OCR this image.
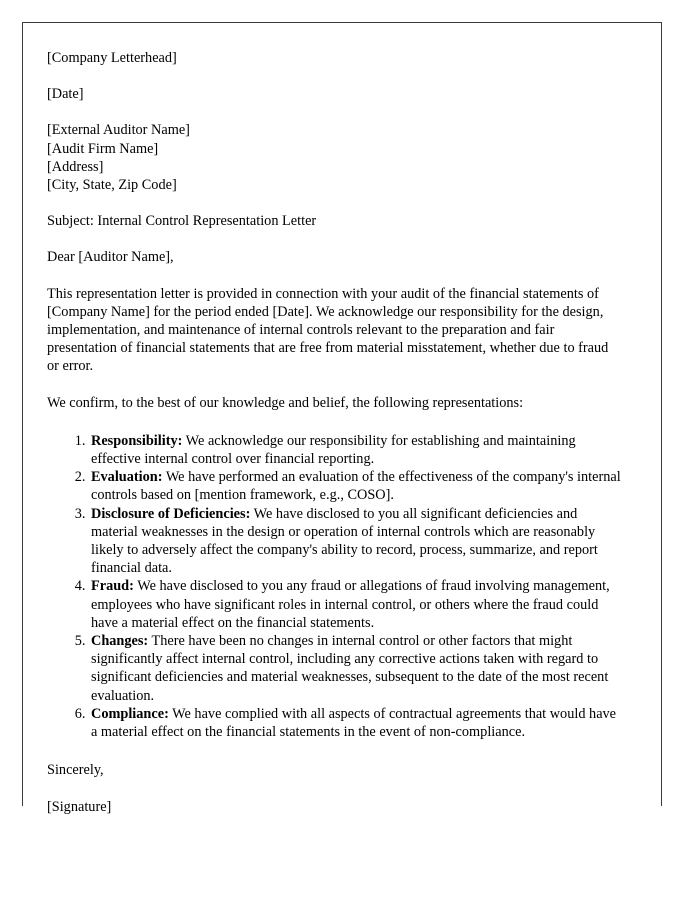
[Company Letterhead]

[Date]

[External Auditor Name]

[Audit Firm Name]

[Address]

[City, State, Zip Code]

Subject: Internal Control Representation Letter

Dear [Auditor Name],

This representation letter is provided in connection with your audit of the financial statements of [Company Name] for the period ended [Date]. We acknowledge our responsibility for the design, implementation, and maintenance of internal controls relevant to the preparation and fair presentation of financial statements that are free from material misstatement, whether due to fraud or error.

We confirm, to the best of our knowledge and belief, the following representations:

1. Responsibility: We acknowledge our responsibility for establishing and maintaining effective internal control over financial reporting.
2. Evaluation: We have performed an evaluation of the effectiveness of the company's internal controls based on [mention framework, e.g., COSO].
3. Disclosure of Deficiencies: We have disclosed to you all significant deficiencies and material weaknesses in the design or operation of internal controls which are reasonably likely to adversely affect the company's ability to record, process, summarize, and report financial data.
4. Fraud: We have disclosed to you any fraud or allegations of fraud involving management, employees who have significant roles in internal control, or others where the fraud could have a material effect on the financial statements.
5. Changes: There have been no changes in internal control or other factors that might significantly affect internal control, including any corrective actions taken with regard to significant deficiencies and material weaknesses, subsequent to the date of the most recent evaluation.
6. Compliance: We have complied with all aspects of contractual agreements that would have a material effect on the financial statements in the event of non-compliance.

Sincerely,

[Signature]
